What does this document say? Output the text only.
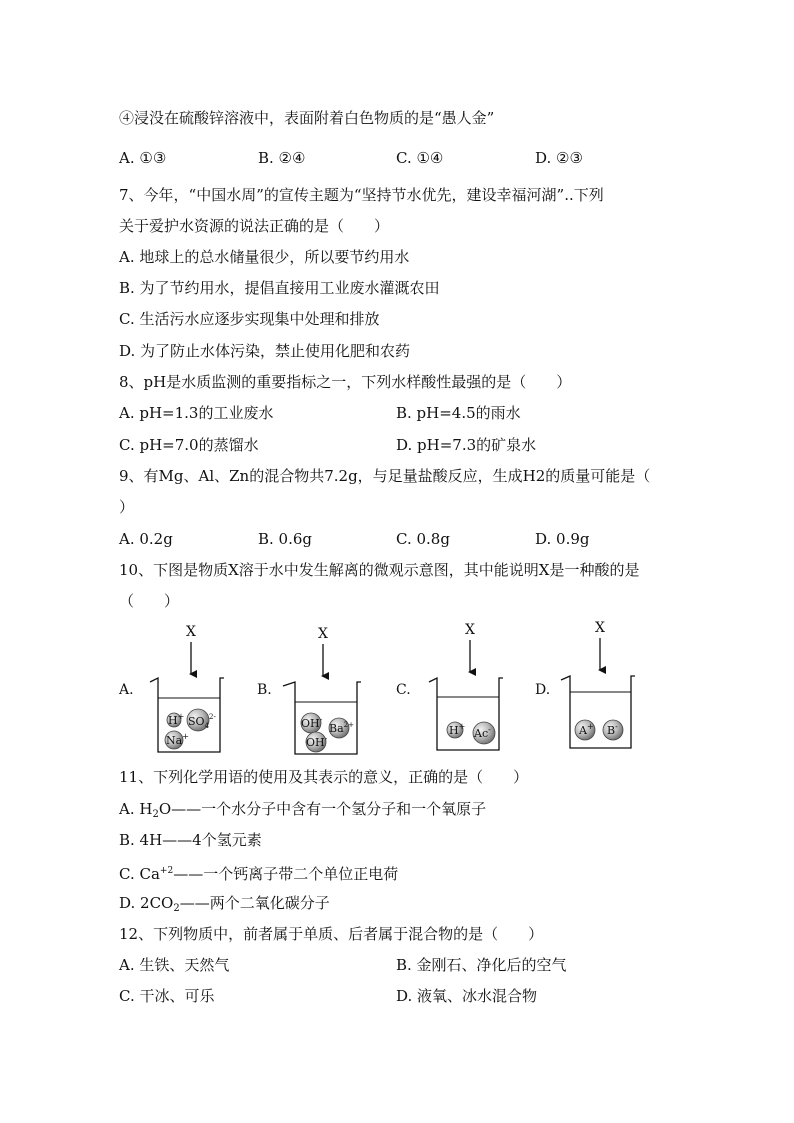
④浸没在硫酸锌溶液中，表面附着白色物质的是“愚人金”
A. ①③	B. ②④	C. ①④	D. ②③
7、今年，“中国水周”的宣传主题为“坚持节水优先，建设幸福河湖”..下列
关于爱护水资源的说法正确的是（　　）
A. 地球上的总水储量很少，所以要节约用水
B. 为了节约用水，提倡直接用工业废水灌溉农田
C. 生活污水应逐步实现集中处理和排放
D. 为了防止水体污染，禁止使用化肥和农药
8、pH是水质监测的重要指标之一，下列水样酸性最强的是（　　）
A. pH=1.3的工业废水	B. pH=4.5的雨水
C. pH=7.0的蒸馏水	D. pH=7.3的矿泉水
9、有Mg、Al、Zn的混合物共7.2g，与足量盐酸反应，生成H2的质量可能是（
）
A. 0.2g	B. 0.6g	C. 0.8g	D. 0.9g
10、下图是物质X溶于水中发生解离的微观示意图，其中能说明X是一种酸的是
（　　）
A.
X
H+ $SO_4^{2-}$
Na+
B.
X
OH-
$Ba^{2+}$
OH-
C.
X
H+
Ac-
D.
X
A+ B-
11、下列化学用语的使用及其表示的意义，正确的是（　　）
A. $H_2O——$一个水分子中含有一个氢分子和一个氧原子
B. 4H——4个氢元素
C. $Ca^{+2}——$一个钙离子带二个单位正电荷
D. $2CO_2——$两个二氧化碳分子
12、下列物质中，前者属于单质、后者属于混合物的是（　　）
A. 生铁、天然气	B. 金刚石、净化后的空气
C. 干冰、可乐	D. 液氧、冰水混合物
